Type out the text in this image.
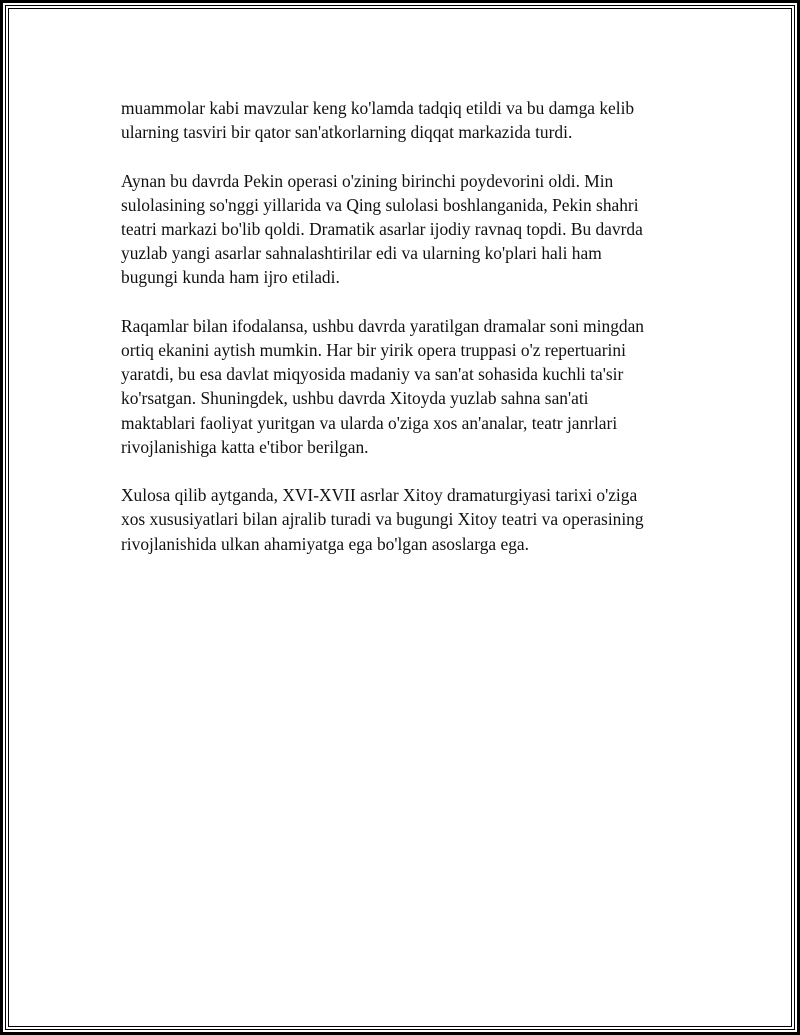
muammolar kabi mavzular keng ko'lamda tadqiq etildi va bu damga kelib
ularning tasviri bir qator san'atkorlarning diqqat markazida turdi.

Aynan bu davrda Pekin operasi o'zining birinchi poydevorini oldi. Min
sulolasining so'nggi yillarida va Qing sulolasi boshlanganida, Pekin shahri
teatri markazi bo'lib qoldi. Dramatik asarlar ijodiy ravnaq topdi. Bu davrda
yuzlab yangi asarlar sahnalashtirilar edi va ularning ko'plari hali ham
bugungi kunda ham ijro etiladi.

Raqamlar bilan ifodalansa, ushbu davrda yaratilgan dramalar soni mingdan
ortiq ekanini aytish mumkin. Har bir yirik opera truppasi o'z repertuarini
yaratdi, bu esa davlat miqyosida madaniy va san'at sohasida kuchli ta'sir
ko'rsatgan. Shuningdek, ushbu davrda Xitoyda yuzlab sahna san'ati
maktablari faoliyat yuritgan va ularda o'ziga xos an'analar, teatr janrlari
rivojlanishiga katta e'tibor berilgan.

Xulosa qilib aytganda, XVI-XVII asrlar Xitoy dramaturgiyasi tarixi o'ziga
xos xususiyatlari bilan ajralib turadi va bugungi Xitoy teatri va operasining
rivojlanishida ulkan ahamiyatga ega bo'lgan asoslarga ega.
